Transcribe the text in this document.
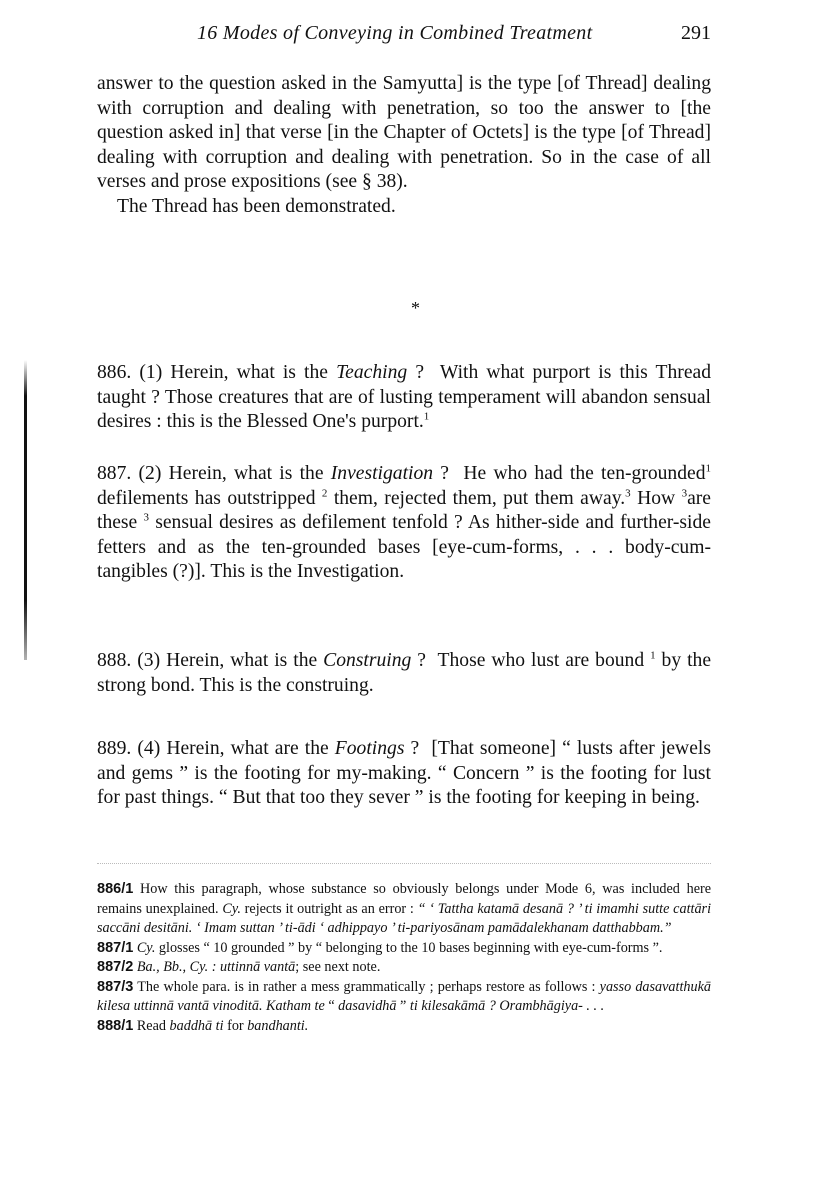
16 Modes of Conveying in Combined Treatment	291

answer to the question asked in the Samyutta] is the type [of Thread] dealing with corruption and dealing with penetration, so too the answer to [the question asked in] that verse [in the Chapter of Octets] is the type [of Thread] dealing with corruption and dealing with penetration. So in the case of all verses and prose expositions (see § 38).

The Thread has been demonstrated.

*

886. (1) Herein, what is the Teaching ? With what purport is this Thread taught ? Those creatures that are of lusting temperament will abandon sensual desires : this is the Blessed One's purport.$^1$

887. (2) Herein, what is the Investigation ? He who had the ten-grounded$^1$ defilements has outstripped $^2$ them, rejected them, put them away.$^3$ How $^3$are these $^3$ sensual desires as defilement tenfold ? As hither-side and further-side fetters and as the ten-grounded bases [eye-cum-forms, . . . body-cum-tangibles (?)]. This is the Investigation.

888. (3) Herein, what is the Construing ? Those who lust are bound $^1$ by the strong bond. This is the construing.

889. (4) Herein, what are the Footings ? [That someone] “ lusts after jewels and gems ” is the footing for my-making. “ Concern ” is the footing for lust for past things. “ But that too they sever ” is the footing for keeping in being.

886/1 How this paragraph, whose substance so obviously belongs under Mode 6, was included here remains unexplained. Cy. rejects it outright as an error : “ ‘ Tattha katamā desanā ? ’ ti imamhi sutte cattāri saccāni desitāni. ‘ Imam suttan ’ ti-ādi ‘ adhippayo ’ ti-pariyosānam pamādalekhanam datthabbam.”

887/1 Cy. glosses “ 10 grounded ” by “ belonging to the 10 bases beginning with eye-cum-forms ”.

887/2 Ba., Bb., Cy. : uttinnā vantā; see next note.

887/3 The whole para. is in rather a mess grammatically ; perhaps restore as follows : yasso dasavatthukā kilesa uttinnā vantā vinoditā. Katham te “ dasavidhā ” ti kilesakāmā ? Orambhāgiya- . . .

888/1 Read baddhā ti for bandhanti.
